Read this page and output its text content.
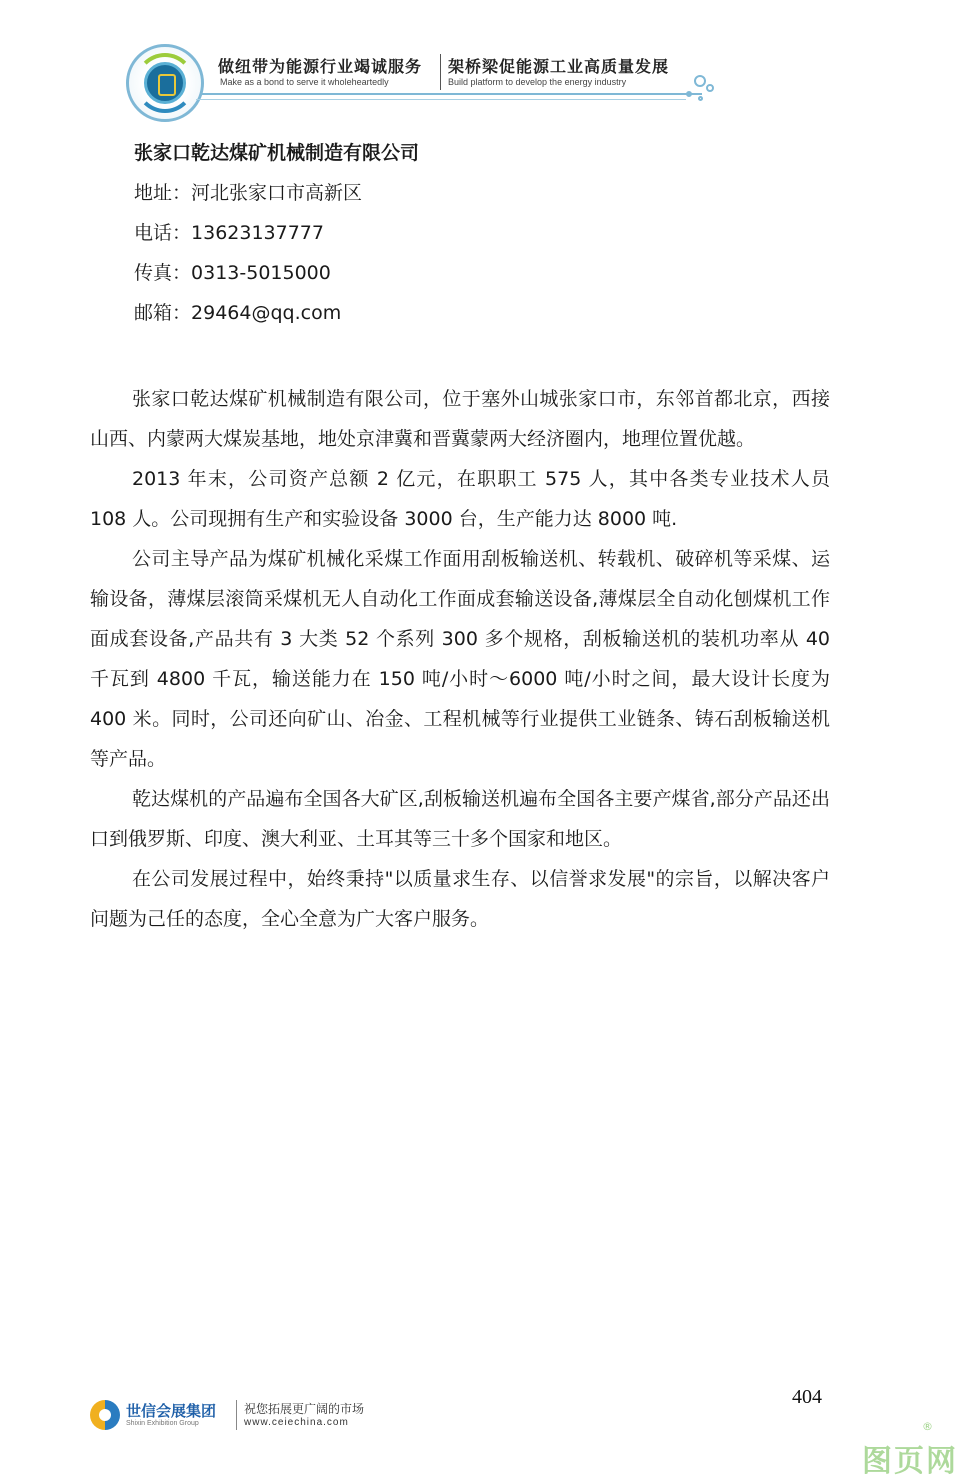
做纽带为能源行业竭诚服务 架桥梁促能源工业高质量发展
Make as a bond to serve it wholeheartedly	Build platform to develop the energy industry

张家口乾达煤矿机械制造有限公司

地址：河北张家口市高新区

电话：13623137777

传真：0313-5015000

邮箱：29464@qq.com

张家口乾达煤矿机械制造有限公司，位于塞外山城张家口市，东邻首都北京，西接山西、内蒙两大煤炭基地，地处京津冀和晋冀蒙两大经济圈内，地理位置优越。

2013 年末，公司资产总额 2 亿元，在职职工 575 人，其中各类专业技术人员 108 人。公司现拥有生产和实验设备 3000 台，生产能力达 8000 吨.

公司主导产品为煤矿机械化采煤工作面用刮板输送机、转载机、破碎机等采煤、运输设备，薄煤层滚筒采煤机无人自动化工作面成套输送设备,薄煤层全自动化刨煤机工作面成套设备,产品共有 3 大类 52 个系列 300 多个规格，刮板输送机的装机功率从 40 千瓦到 4800 千瓦，输送能力在 150 吨/小时～6000 吨/小时之间，最大设计长度为 400 米。同时，公司还向矿山、冶金、工程机械等行业提供工业链条、铸石刮板输送机等产品。

乾达煤机的产品遍布全国各大矿区,刮板输送机遍布全国各主要产煤省,部分产品还出口到俄罗斯、印度、澳大利亚、土耳其等三十多个国家和地区。

在公司发展过程中，始终秉持"以质量求生存、以信誉求发展"的宗旨，以解决客户问题为己任的态度，全心全意为广大客户服务。

世信会展集团
Shixin Exhibition Group
祝您拓展更广阔的市场
www.ceiechina.com
404
®
图页网
